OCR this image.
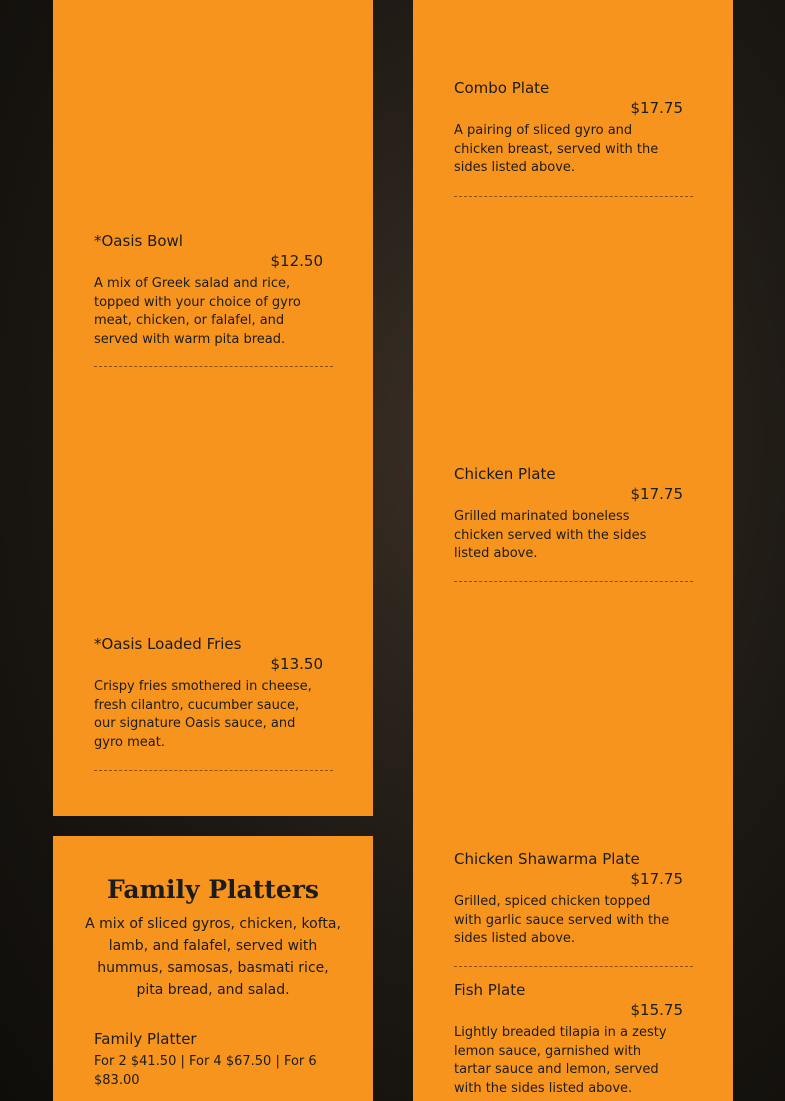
*Oasis Bowl

$12.50

A mix of Greek salad and rice, topped with your choice of gyro meat, chicken, or falafel, and served with warm pita bread.

*Oasis Loaded Fries

$13.50

Crispy fries smothered in cheese, fresh cilantro, cucumber sauce, our signature Oasis sauce, and gyro meat.

Combo Plate

$17.75

A pairing of sliced gyro and chicken breast, served with the sides listed above.

Chicken Plate

$17.75

Grilled marinated boneless chicken served with the sides listed above.

Chicken Shawarma Plate

$17.75

Grilled, spiced chicken topped with garlic sauce served with the sides listed above.

Fish Plate

$15.75

Lightly breaded tilapia in a zesty lemon sauce, garnished with tartar sauce and lemon, served with the sides listed above.

Family Platters

A mix of sliced gyros, chicken, kofta, lamb, and falafel, served with hummus, samosas, basmati rice, pita bread, and salad.

Family Platter

For 2 $41.50 | For 4 $67.50 | For 6 $83.00
